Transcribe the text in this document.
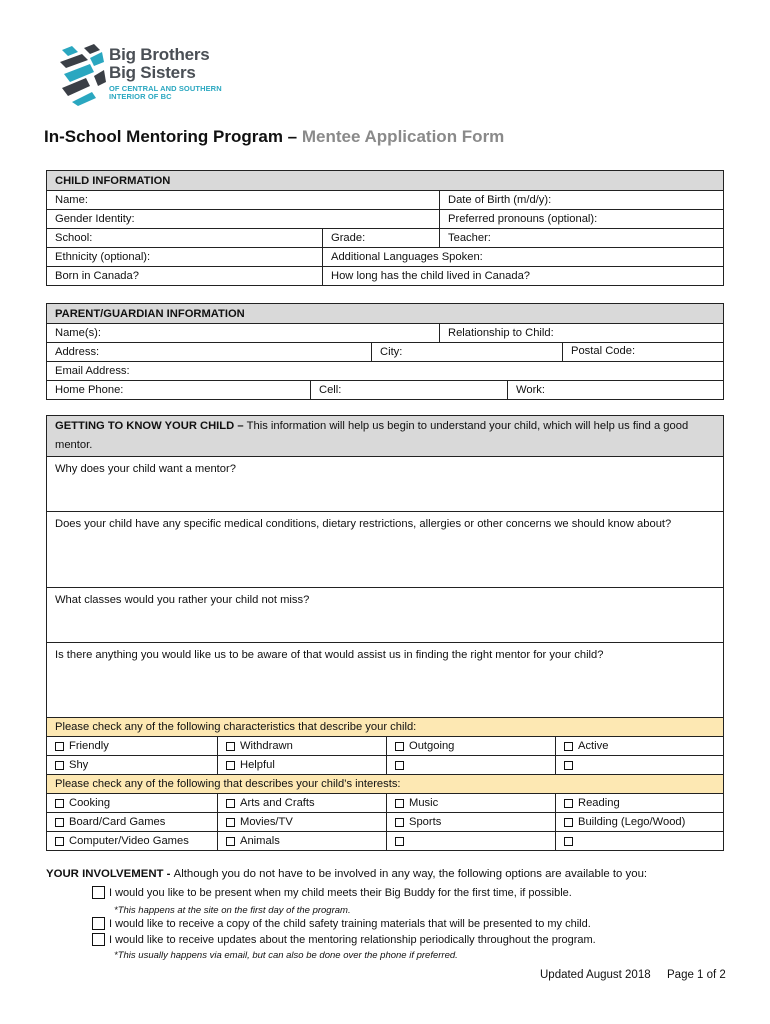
Big Brothers
Big Sisters
OF CENTRAL AND SOUTHERN
INTERIOR OF BC
In-School Mentoring Program – Mentee Application Form
CHILD INFORMATION
Name:	Date of Birth (m/d/y):
Gender Identity:	Preferred pronouns (optional):
School:	Grade:	Teacher:
Ethnicity (optional):	Additional Languages Spoken:
Born in Canada?	How long has the child lived in Canada?
PARENT/GUARDIAN INFORMATION
Name(s):	Relationship to Child:
Address:	City:	Postal Code:
Email Address:
Home Phone:	Cell:	Work:
GETTING TO KNOW YOUR CHILD – This information will help us begin to understand your child, which will help us find a good mentor.
Why does your child want a mentor?
Does your child have any specific medical conditions, dietary restrictions, allergies or other concerns we should know about?
What classes would you rather your child not miss?
Is there anything you would like us to be aware of that would assist us in finding the right mentor for your child?
Please check any of the following characteristics that describe your child:
Friendly	Withdrawn	Outgoing	Active
Shy	Helpful
Please check any of the following that describes your child’s interests:
Cooking	Arts and Crafts	Music	Reading
Board/Card Games	Movies/TV	Sports	Building (Lego/Wood)
Computer/Video Games	Animals
YOUR INVOLVEMENT - Although you do not have to be involved in any way, the following options are available to you:
I would you like to be present when my child meets their Big Buddy for the first time, if possible.
*This happens at the site on the first day of the program.
I would like to receive a copy of the child safety training materials that will be presented to my child.
I would like to receive updates about the mentoring relationship periodically throughout the program.
*This usually happens via email, but can also be done over the phone if preferred.
Updated August 2018 Page 1 of 2
